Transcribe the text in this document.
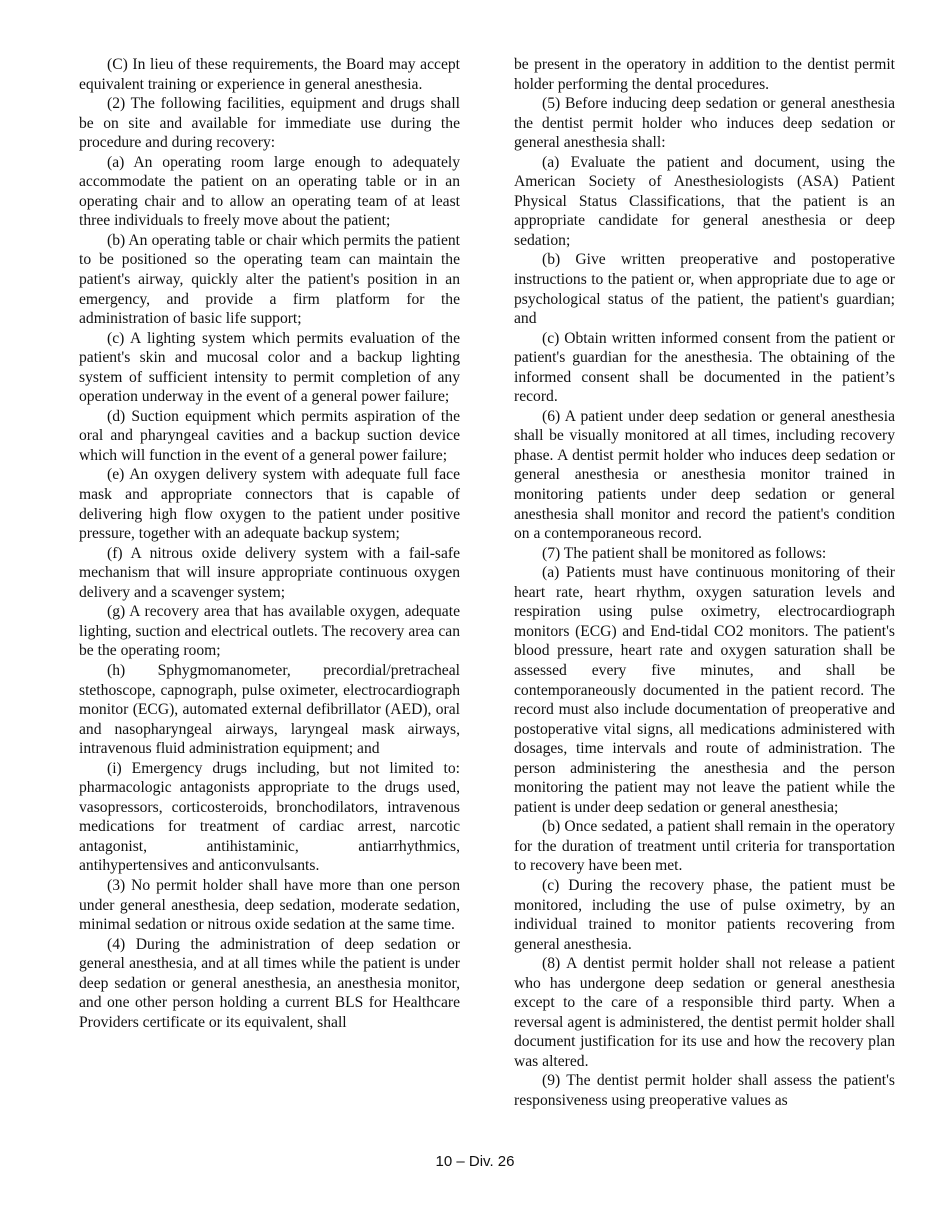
(C) In lieu of these requirements, the Board may accept equivalent training or experience in general anesthesia.

(2) The following facilities, equipment and drugs shall be on site and available for immediate use during the procedure and during recovery:

(a) An operating room large enough to adequately accommodate the patient on an operating table or in an operating chair and to allow an operating team of at least three individuals to freely move about the patient;

(b) An operating table or chair which permits the patient to be positioned so the operating team can maintain the patient's airway, quickly alter the patient's position in an emergency, and provide a firm platform for the administration of basic life support;

(c) A lighting system which permits evaluation of the patient's skin and mucosal color and a backup lighting system of sufficient intensity to permit completion of any operation underway in the event of a general power failure;

(d) Suction equipment which permits aspiration of the oral and pharyngeal cavities and a backup suction device which will function in the event of a general power failure;

(e) An oxygen delivery system with adequate full face mask and appropriate connectors that is capable of delivering high flow oxygen to the patient under positive pressure, together with an adequate backup system;

(f) A nitrous oxide delivery system with a fail-safe mechanism that will insure appropriate continuous oxygen delivery and a scavenger system;

(g) A recovery area that has available oxygen, adequate lighting, suction and electrical outlets. The recovery area can be the operating room;

(h) Sphygmomanometer, precordial/pretracheal stethoscope, capnograph, pulse oximeter, electrocardiograph monitor (ECG), automated external defibrillator (AED), oral and nasopharyngeal airways, laryngeal mask airways, intravenous fluid administration equipment; and

(i) Emergency drugs including, but not limited to: pharmacologic antagonists appropriate to the drugs used, vasopressors, corticosteroids, bronchodilators, intravenous medications for treatment of cardiac arrest, narcotic antagonist, antihistaminic, antiarrhythmics, antihypertensives and anticonvulsants.

(3) No permit holder shall have more than one person under general anesthesia, deep sedation, moderate sedation, minimal sedation or nitrous oxide sedation at the same time.

(4) During the administration of deep sedation or general anesthesia, and at all times while the patient is under deep sedation or general anesthesia, an anesthesia monitor, and one other person holding a current BLS for Healthcare Providers certificate or its equivalent, shall

be present in the operatory in addition to the dentist permit holder performing the dental procedures.

(5) Before inducing deep sedation or general anesthesia the dentist permit holder who induces deep sedation or general anesthesia shall:

(a) Evaluate the patient and document, using the American Society of Anesthesiologists (ASA) Patient Physical Status Classifications, that the patient is an appropriate candidate for general anesthesia or deep sedation;

(b) Give written preoperative and postoperative instructions to the patient or, when appropriate due to age or psychological status of the patient, the patient's guardian; and

(c) Obtain written informed consent from the patient or patient's guardian for the anesthesia. The obtaining of the informed consent shall be documented in the patient’s record.

(6) A patient under deep sedation or general anesthesia shall be visually monitored at all times, including recovery phase. A dentist permit holder who induces deep sedation or general anesthesia or anesthesia monitor trained in monitoring patients under deep sedation or general anesthesia shall monitor and record the patient's condition on a contemporaneous record.

(7) The patient shall be monitored as follows:

(a) Patients must have continuous monitoring of their heart rate, heart rhythm, oxygen saturation levels and respiration using pulse oximetry, electrocardiograph monitors (ECG) and End-tidal CO2 monitors. The patient's blood pressure, heart rate and oxygen saturation shall be assessed every five minutes, and shall be contemporaneously documented in the patient record. The record must also include documentation of preoperative and postoperative vital signs, all medications administered with dosages, time intervals and route of administration. The person administering the anesthesia and the person monitoring the patient may not leave the patient while the patient is under deep sedation or general anesthesia;

(b) Once sedated, a patient shall remain in the operatory for the duration of treatment until criteria for transportation to recovery have been met.

(c) During the recovery phase, the patient must be monitored, including the use of pulse oximetry, by an individual trained to monitor patients recovering from general anesthesia.

(8) A dentist permit holder shall not release a patient who has undergone deep sedation or general anesthesia except to the care of a responsible third party. When a reversal agent is administered, the dentist permit holder shall document justification for its use and how the recovery plan was altered.

(9) The dentist permit holder shall assess the patient's responsiveness using preoperative values as

10 – Div. 26
